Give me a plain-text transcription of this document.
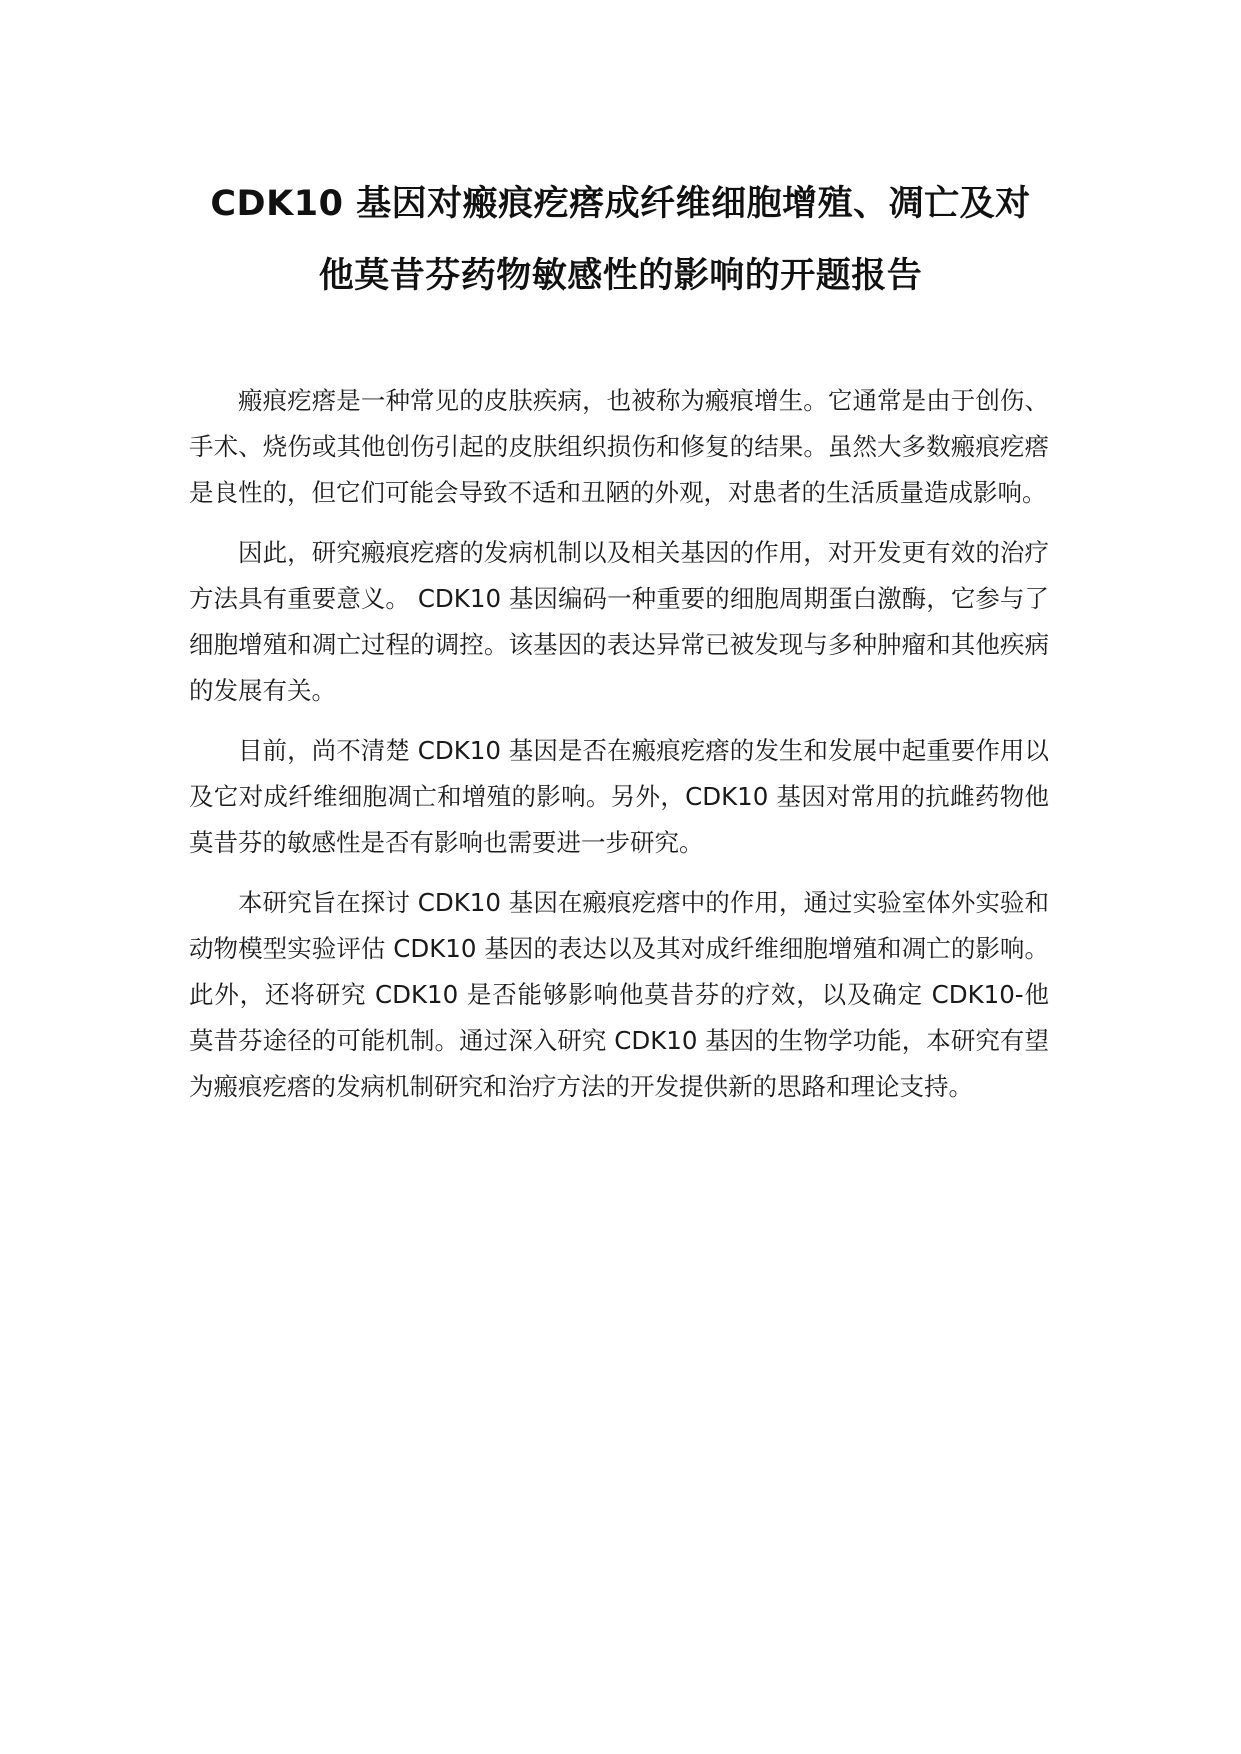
CDK10 基因对瘢痕疙瘩成纤维细胞增殖、凋亡及对
他莫昔芬药物敏感性的影响的开题报告

瘢痕疙瘩是一种常见的皮肤疾病，也被称为瘢痕增生。它通常是由于创伤、手术、烧伤或其他创伤引起的皮肤组织损伤和修复的结果。虽然大多数瘢痕疙瘩是良性的，但它们可能会导致不适和丑陋的外观，对患者的生活质量造成影响。

因此，研究瘢痕疙瘩的发病机制以及相关基因的作用，对开发更有效的治疗方法具有重要意义。 CDK10 基因编码一种重要的细胞周期蛋白激酶，它参与了细胞增殖和凋亡过程的调控。该基因的表达异常已被发现与多种肿瘤和其他疾病的发展有关。

目前，尚不清楚 CDK10 基因是否在瘢痕疙瘩的发生和发展中起重要作用以及它对成纤维细胞凋亡和增殖的影响。另外，CDK10 基因对常用的抗雌药物他莫昔芬的敏感性是否有影响也需要进一步研究。

本研究旨在探讨 CDK10 基因在瘢痕疙瘩中的作用，通过实验室体外实验和动物模型实验评估 CDK10 基因的表达以及其对成纤维细胞增殖和凋亡的影响。此外，还将研究 CDK10 是否能够影响他莫昔芬的疗效，以及确定 CDK10-他莫昔芬途径的可能机制。通过深入研究 CDK10 基因的生物学功能，本研究有望为瘢痕疙瘩的发病机制研究和治疗方法的开发提供新的思路和理论支持。
